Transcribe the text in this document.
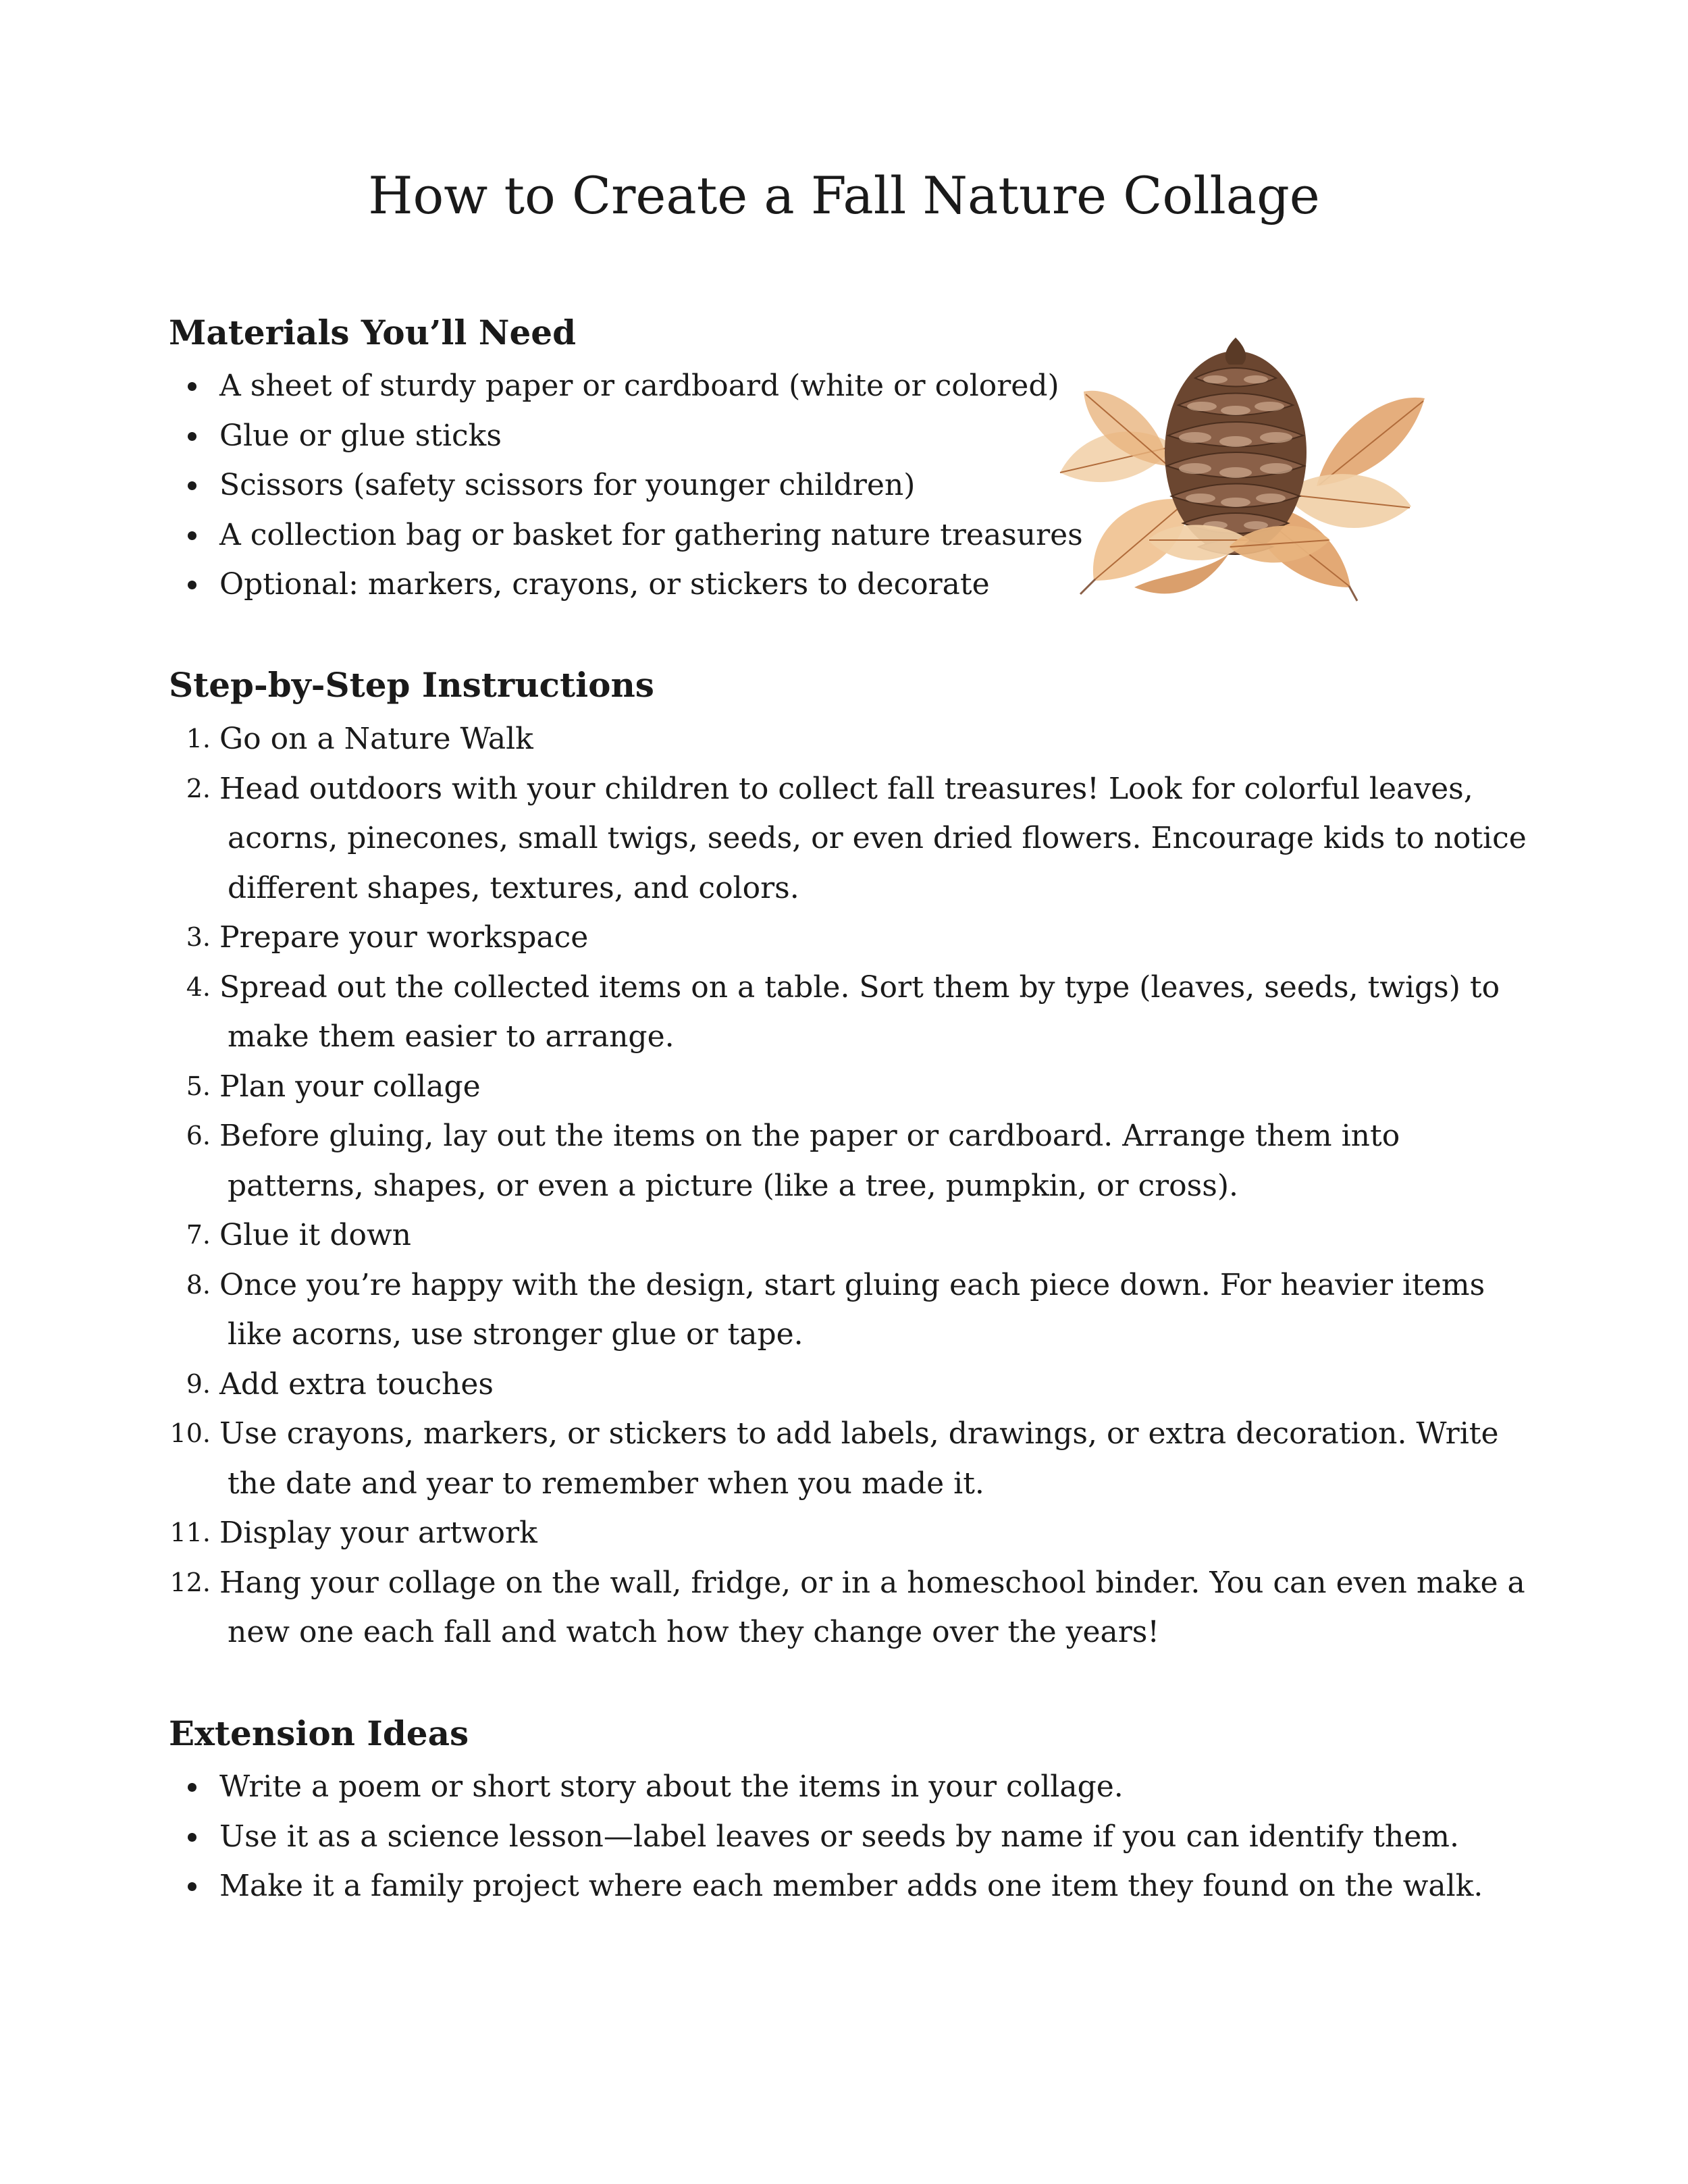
How to Create a Fall Nature Collage
Materials You’ll Need
A sheet of sturdy paper or cardboard (white or colored)
Glue or glue sticks
Scissors (safety scissors for younger children)
A collection bag or basket for gathering nature treasures
Optional: markers, crayons, or stickers to decorate
Step-by-Step Instructions
1. Go on a Nature Walk
2. Head outdoors with your children to collect fall treasures! Look for colorful leaves, acorns, pinecones, small twigs, seeds, or even dried flowers. Encourage kids to notice different shapes, textures, and colors.
3. Prepare your workspace
4. Spread out the collected items on a table. Sort them by type (leaves, seeds, twigs) to make them easier to arrange.
5. Plan your collage
6. Before gluing, lay out the items on the paper or cardboard. Arrange them into patterns, shapes, or even a picture (like a tree, pumpkin, or cross).
7. Glue it down
8. Once you’re happy with the design, start gluing each piece down. For heavier items like acorns, use stronger glue or tape.
9. Add extra touches
10. Use crayons, markers, or stickers to add labels, drawings, or extra decoration. Write the date and year to remember when you made it.
11. Display your artwork
12. Hang your collage on the wall, fridge, or in a homeschool binder. You can even make a new one each fall and watch how they change over the years!
Extension Ideas
Write a poem or short story about the items in your collage.
Use it as a science lesson—label leaves or seeds by name if you can identify them.
Make it a family project where each member adds one item they found on the walk.
